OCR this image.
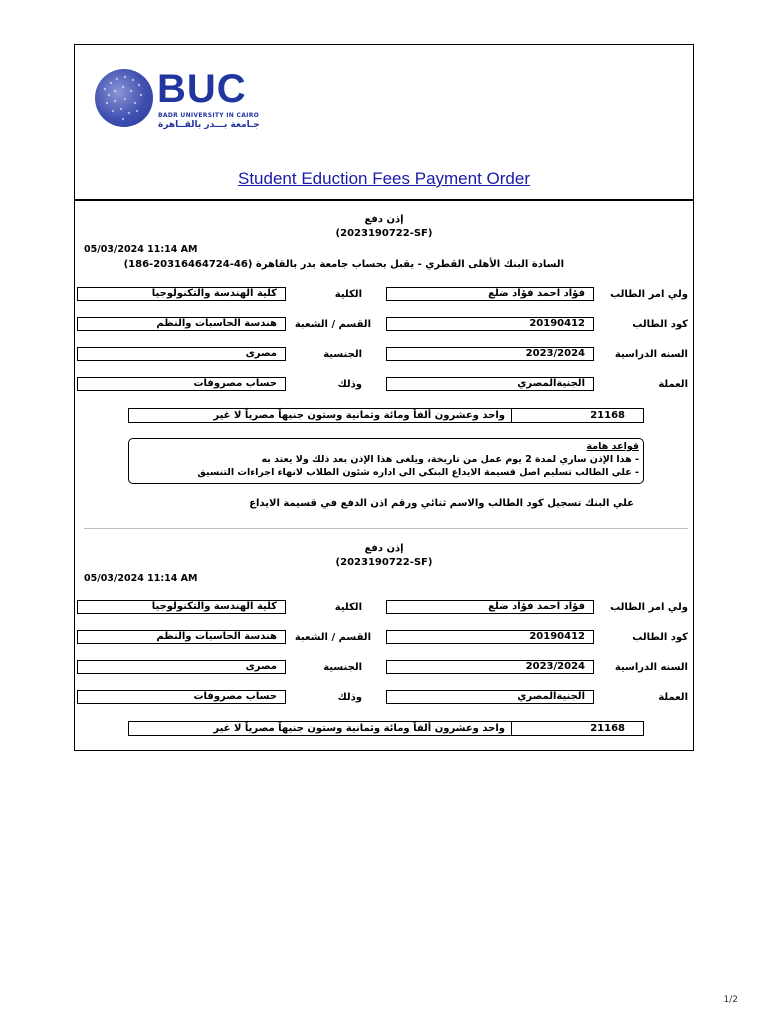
BUC
BADR UNIVERSITY IN CAIRO
جـامعة بـــدر بالقــاهرة
Student Eduction Fees Payment Order
إذن دفع
(2023190722-SF)
05/03/2024 11:14 AM
السادة البنك الأهلى القطري - يقبل بحساب جامعة بدر بالقاهرة (46-20316464724-186)
ولي امر الطالب
فؤاد احمد فؤاد ضلع
الكلية
كلية الهندسة والتكنولوجيا
كود الطالب
20190412
القسم / الشعبة
هندسة الحاسبات والنظم
السنه الدراسية
2023/2024
الجنسية
مصرى
العملة
الجنيةالمصري
وذلك
حساب مصروفات
واحد وعشرون ألفاً ومائة وثمانية وستون جنيهاً مصرياً لا غير	21168
قواعد هامة
- هذا الإذن ساري لمدة 2 يوم عمل من تاريخة، ويلغى هذا الإذن بعد ذلك ولا يعتد به
- علي الطالب تسليم اصل قسيمة الايداع البنكي الي اداره شئون الطلاب لانهاء اجراءات التنسيق
علي البنك تسجيل كود الطالب والاسم ثنائي ورقم اذن الدفع في قسيمة الايداع
إذن دفع
(2023190722-SF)
05/03/2024 11:14 AM
ولي امر الطالب
فؤاد احمد فؤاد ضلع
الكلية
كلية الهندسة والتكنولوجيا
كود الطالب
20190412
القسم / الشعبة
هندسة الحاسبات والنظم
السنه الدراسية
2023/2024
الجنسية
مصرى
العملة
الجنيةالمصري
وذلك
حساب مصروفات
واحد وعشرون ألفاً ومائة وثمانية وستون جنيهاً مصرياً لا غير	21168
1/2
